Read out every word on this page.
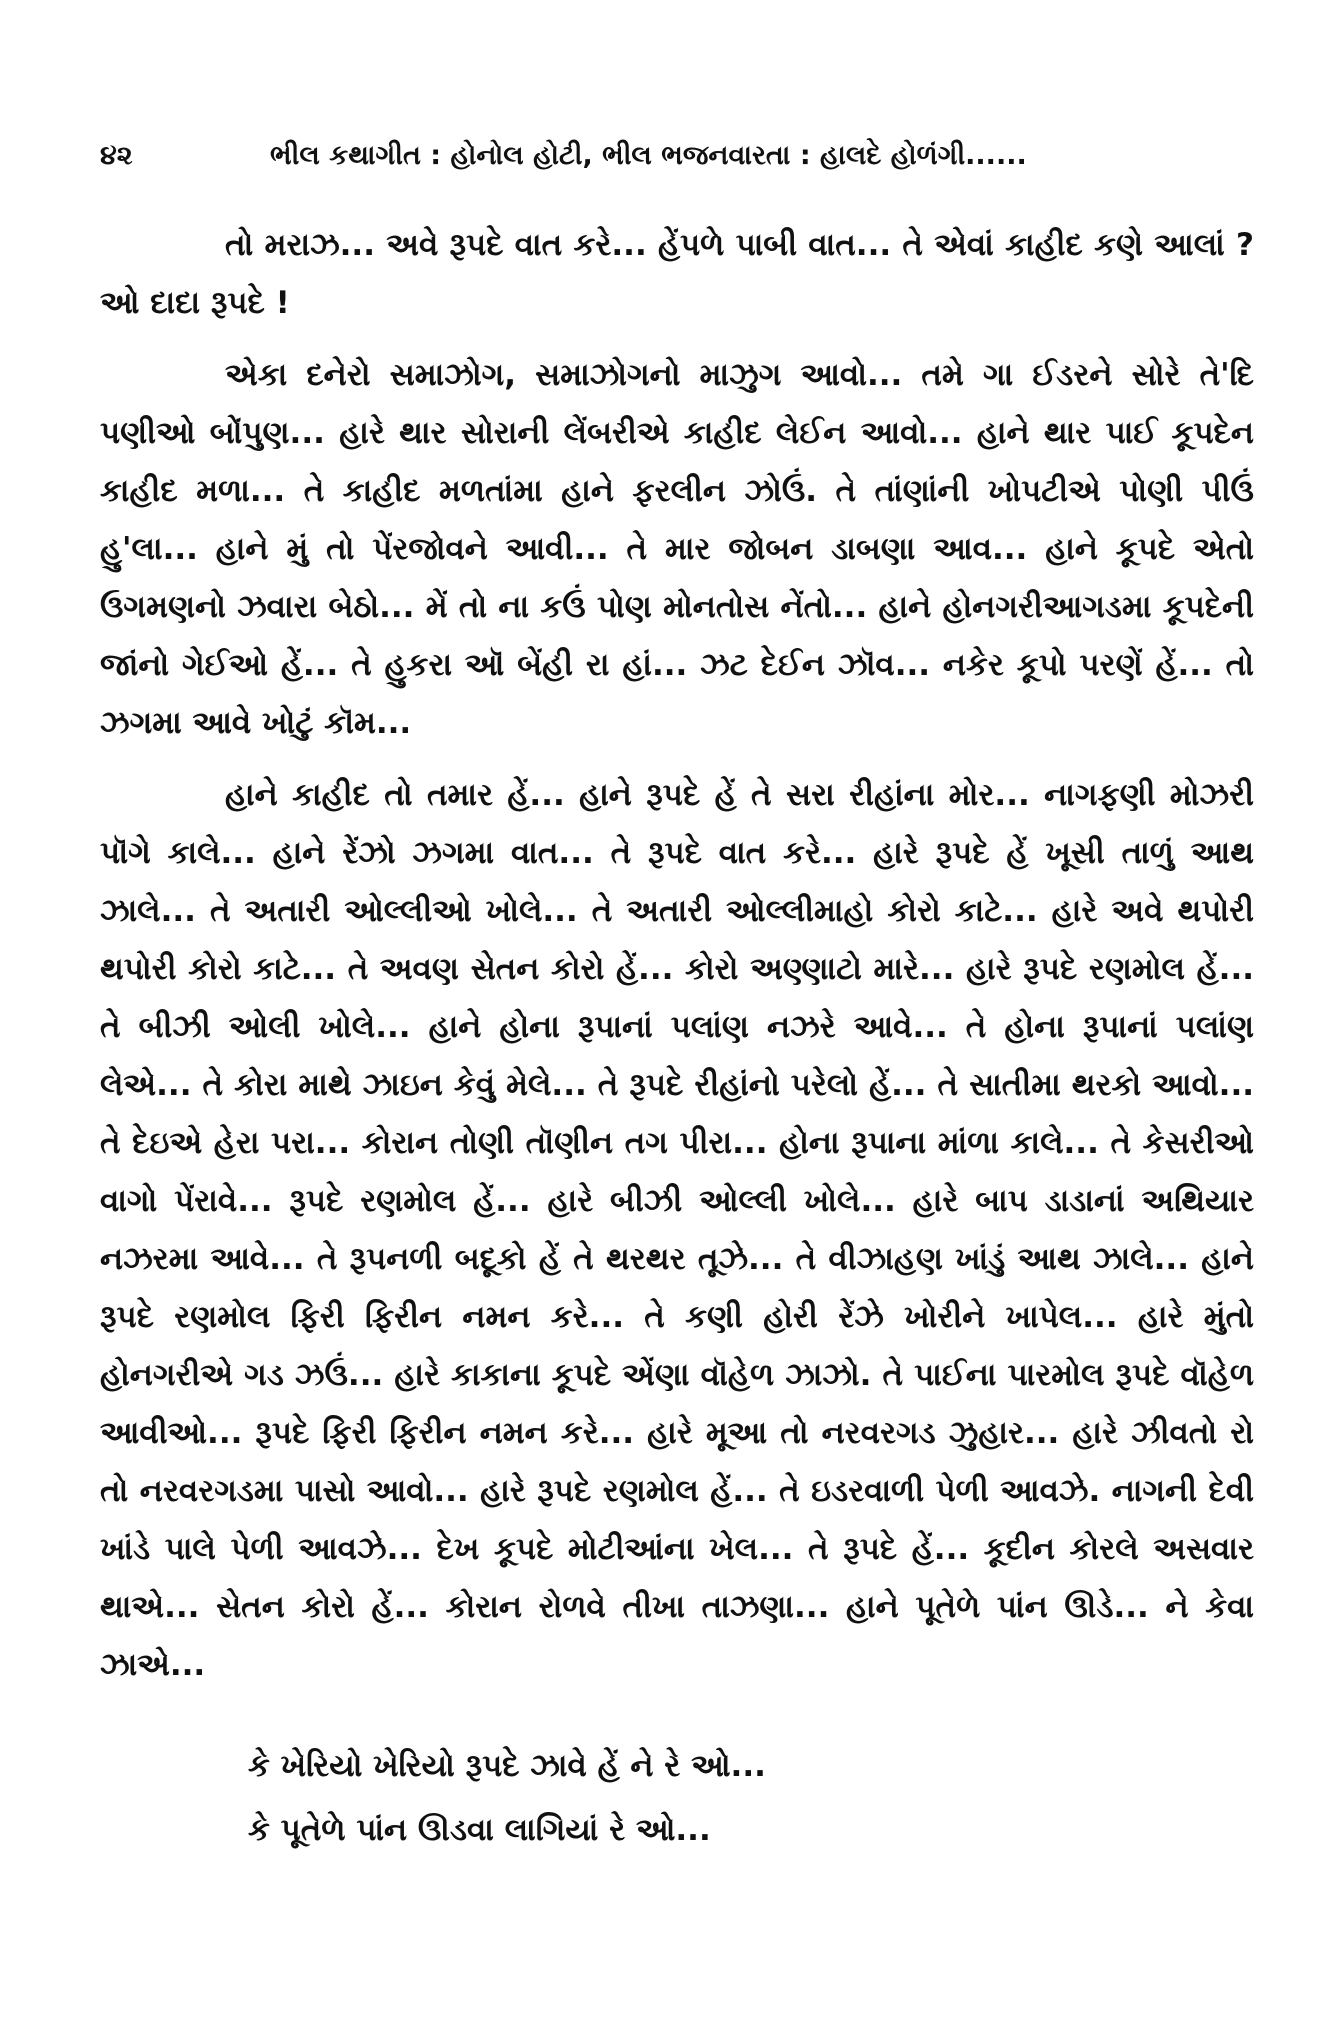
૪૨	ભીલ કથાગીત : હોનોલ હોટી, ભીલ ભજનવારતા : હાલદે હોળંગી......

તો મરાઝ... અવે રૂપદે વાત કરે... હેંપળે પાબી વાત... તે એવાં કાહીદ કણે આલાં ? ઓ દાદા રૂપદે !

એકા દનેરો સમાઝોગ, સમાઝોગનો માઝુગ આવો... તમે ગા ઈડરને સોરે તે'દિ પણીઓ બોંપુણ... હારે થાર સોરાની લેંબરીએ કાહીદ લેઈન આવો... હાને થાર પાઈ કૂપદેન કાહીદ મળા... તે કાહીદ મળતાંમા હાને ફરલીન ઝોઉં. તે તાંણાંની ખોપટીએ પોણી પીઉં હુ'લા... હાને મું તો પેંરજોવને આવી... તે માર જોબન ડાબણા આવ... હાને કૂપદે એતો ઉગમણનો ઝવારા બેઠો... મેં તો ના કઉં પોણ મોનતોસ નેંતો... હાને હોનગરીઆગડમા કૂપદેની જાંનો ગેઈઓ હેં... તે હુકરા ઑ બેંહી રા હાં... ઝટ દેઈન ઝૉવ... નકેર કૂપો પરણેં હેં... તો ઝગમા આવે ખોટું કૉમ...

હાને કાહીદ તો તમાર હેં... હાને રૂપદે હેં તે સરા રીહાંના મોર... નાગફણી મોઝરી પૉગે કાલે... હાને રેંઝો ઝગમા વાત... તે રૂપદે વાત કરે... હારે રૂપદે હેં ખૂસી તાળું આથ ઝાલે... તે અતારી ઓલ્લીઓ ખોલે... તે અતારી ઓલ્લીમાહો કોરો કાટે... હારે અવે થપોરી થપોરી કોરો કાટે... તે અવણ સેતન કોરો હેં... કોરો અણ્ણાટો મારે... હારે રૂપદે રણમોલ હેં... તે બીઝી ઓલી ખોલે... હાને હોના રૂપાનાં પલાંણ નઝરે આવે... તે હોના રૂપાનાં પલાંણ લેએ... તે કોરા માથે ઝાઇન કેવું મેલે... તે રૂપદે રીહાંનો પરેલો હેં... તે સાતીમા થરકો આવો... તે દેઇએ હેરા પરા... કોરાન તોણી તૉણીન તગ પીરા... હોના રૂપાના માંળા કાલે... તે કેસરીઓ વાગો પેંરાવે... રૂપદે રણમોલ હેં... હારે બીઝી ઓલ્લી ખોલે... હારે બાપ ડાડાનાં અથિયાર નઝરમા આવે... તે રૂપનળી બદૂકો હેં તે થરથર તૂઝે... તે વીઝાહણ ખાંડું આથ ઝાલે... હાને રૂપદે રણમોલ ફિરી ફિરીન નમન કરે... તે કણી હોરી રેંઝે ખોરીને ખાપેલ... હારે મુંતો હોનગરીએ ગડ ઝઉં... હારે કાકાના કૂપદે એંણા વૉહેળ ઝાઝો. તે પાઈના પારમોલ રૂપદે વૉહેળ આવીઓ... રૂપદે ફિરી ફિરીન નમન કરે... હારે મૂઆ તો નરવરગડ ઝુહાર... હારે ઝીવતો રો તો નરવરગડમા પાસો આવો... હારે રૂપદે રણમોલ હેં... તે ઇડરવાળી પેળી આવઝે. નાગની દેવી ખાંડે પાલે પેળી આવઝે... દેખ કૂપદે મોટીઆંના ખેલ... તે રૂપદે હેં... કૂદીન કોરલે અસવાર થાએ... સેતન કોરો હેં... કોરાન રોળવે તીખા તાઝણા... હાને પૂતેળે પાંન ઊડે... ને કેવા ઝાએ...

કે ખેરિયો ખેરિયો રૂપદે ઝાવે હેં ને રે ઓ...
કે પૂતેળે પાંન ઊડવા લાગિયાં રે ઓ...
